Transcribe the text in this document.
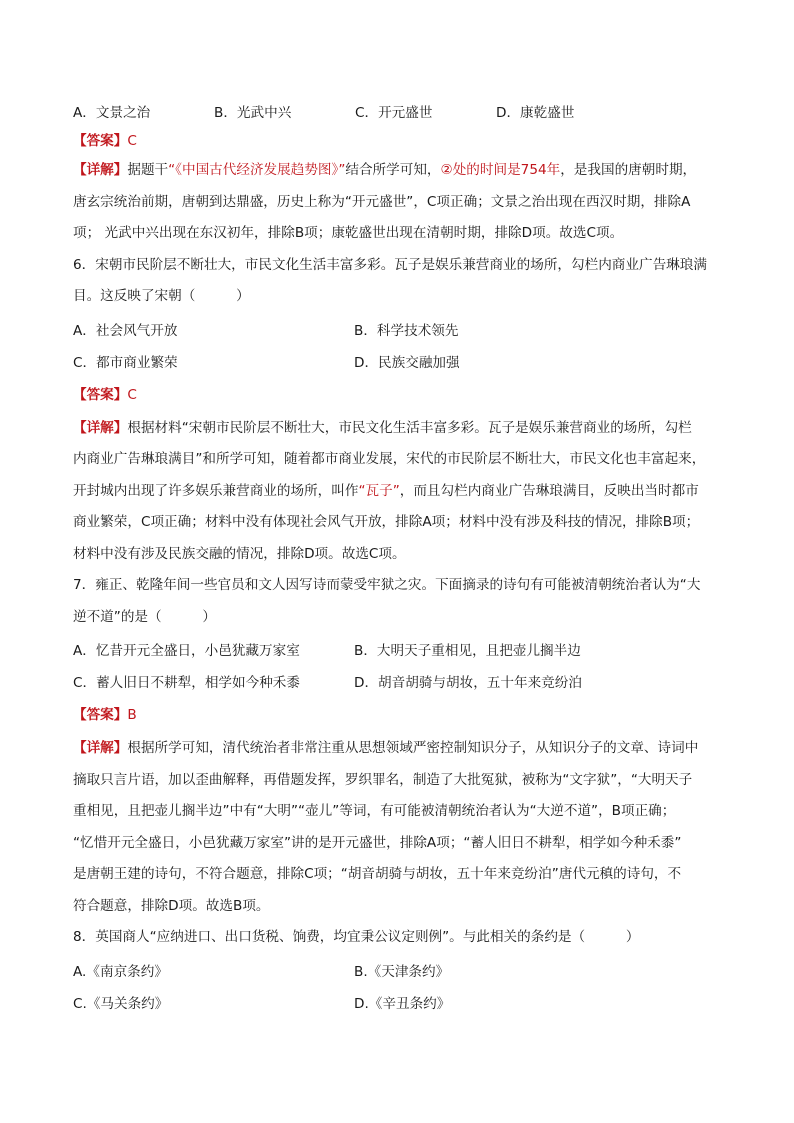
A．文景之治	B．光武中兴	C．开元盛世	D．康乾盛世
【答案】C
【详解】据题干“《中国古代经济发展趋势图》”结合所学可知，②处的时间是754年，是我国的唐朝时期，
唐玄宗统治前期，唐朝到达鼎盛，历史上称为“开元盛世”，C项正确；文景之治出现在西汉时期，排除A
项； 光武中兴出现在东汉初年，排除B项；康乾盛世出现在清朝时期，排除D项。故选C项。
6．宋朝市民阶层不断壮大，市民文化生活丰富多彩。瓦子是娱乐兼营商业的场所，勾栏内商业广告琳琅满
目。这反映了宋朝（　　　）
A．社会风气开放	B．科学技术领先
C．都市商业繁荣	D．民族交融加强
【答案】C
【详解】根据材料“宋朝市民阶层不断壮大，市民文化生活丰富多彩。瓦子是娱乐兼营商业的场所，勾栏
内商业广告琳琅满目”和所学可知，随着都市商业发展，宋代的市民阶层不断壮大，市民文化也丰富起来，
开封城内出现了许多娱乐兼营商业的场所，叫作“瓦子”，而且勾栏内商业广告琳琅满目，反映出当时都市
商业繁荣，C项正确；材料中没有体现社会风气开放，排除A项；材料中没有涉及科技的情况，排除B项；
材料中没有涉及民族交融的情况，排除D项。故选C项。
7．雍正、乾隆年间一些官员和文人因写诗而蒙受牢狱之灾。下面摘录的诗句有可能被清朝统治者认为“大
逆不道”的是（　　　）
A．忆昔开元全盛日，小邑犹藏万家室	B．大明天子重相见，且把壶儿搁半边
C．蓄人旧日不耕犁，相学如今种禾黍	D．胡音胡骑与胡妆，五十年来竞纷泊
【答案】B
【详解】根据所学可知，清代统治者非常注重从思想领域严密控制知识分子，从知识分子的文章、诗词中
摘取只言片语，加以歪曲解释，再借题发挥，罗织罪名，制造了大批冤狱，被称为“文字狱”，“大明天子
重相见，且把壶儿搁半边”中有“大明”“壶儿”等词，有可能被清朝统治者认为“大逆不道”，B项正确；
“忆惜开元全盛日，小邑犹藏万家室”讲的是开元盛世，排除A项；“蓄人旧日不耕犁，相学如今种禾黍”
是唐朝王建的诗句，不符合题意，排除C项；“胡音胡骑与胡妆，五十年来竞纷泊”唐代元稹的诗句，不
符合题意，排除D项。故选B项。
8．英国商人“应纳进口、出口货税、饷费，均宜秉公议定则例”。与此相关的条约是（　　　）
A.《南京条约》	B.《天津条约》
C.《马关条约》	D.《辛丑条约》
